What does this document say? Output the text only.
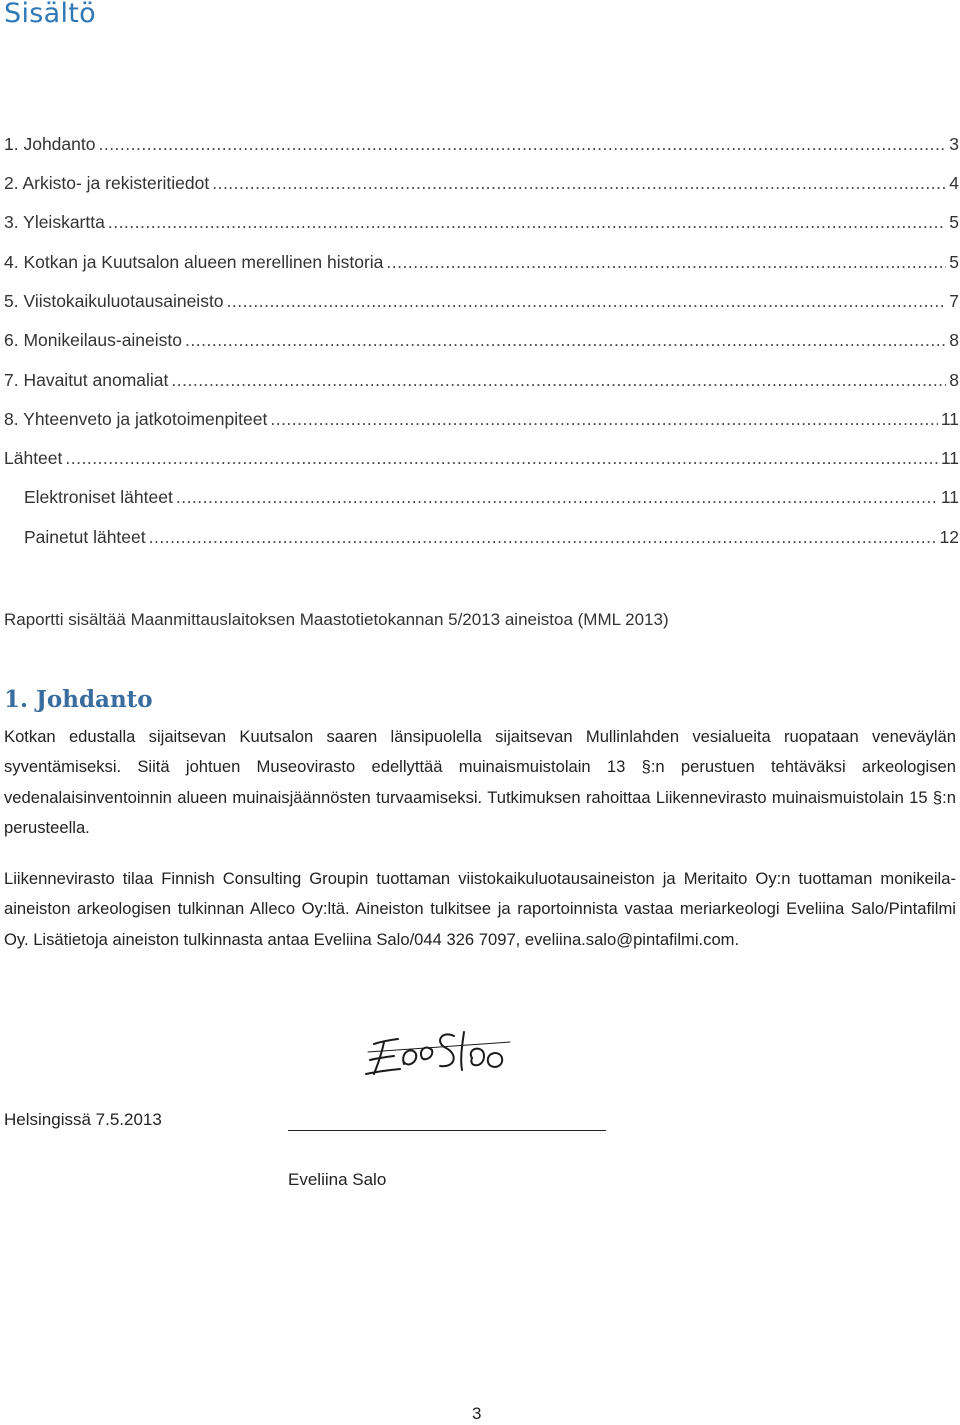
Sisältö
1. Johdanto .....	3
2. Arkisto- ja rekisteritiedot .....	4
3. Yleiskartta .....	5
4. Kotkan ja Kuutsalon alueen merellinen historia .....	5
5. Viistokaikuluotausaineisto .....	7
6. Monikeilaus-aineisto .....	8
7. Havaitut anomaliat .....	8
8. Yhteenveto ja jatkotoimenpiteet .....	11
Lähteet .....	11
Elektroniset lähteet .....	11
Painetut lähteet .....	12

Raportti sisältää Maanmittauslaitoksen Maastotietokannan 5/2013 aineistoa (MML 2013)

1. Johdanto

Kotkan edustalla sijaitsevan Kuutsalon saaren länsipuolella sijaitsevan Mullinlahden vesialueita ruopataan veneväylän syventämiseksi. Siitä johtuen Museovirasto edellyttää muinaismuistolain 13 §:n perustuen tehtäväksi arkeologisen vedenalaisinventoinnin alueen muinaisjäännösten turvaamiseksi. Tutkimuksen rahoittaa Liikennevirasto muinaismuistolain 15 §:n perusteella.

Liikennevirasto tilaa Finnish Consulting Groupin tuottaman viistokaikuluotausaineiston ja Meritaito Oy:n tuottaman monikeila-aineiston arkeologisen tulkinnan Alleco Oy:ltä. Aineiston tulkitsee ja raportoinnista vastaa meriarkeologi Eveliina Salo/Pintafilmi Oy. Lisätietoja aineiston tulkinnasta antaa Eveliina Salo/044 326 7097, eveliina.salo@pintafilmi.com.

Helsingissä 7.5.2013

Eveliina Salo

3
